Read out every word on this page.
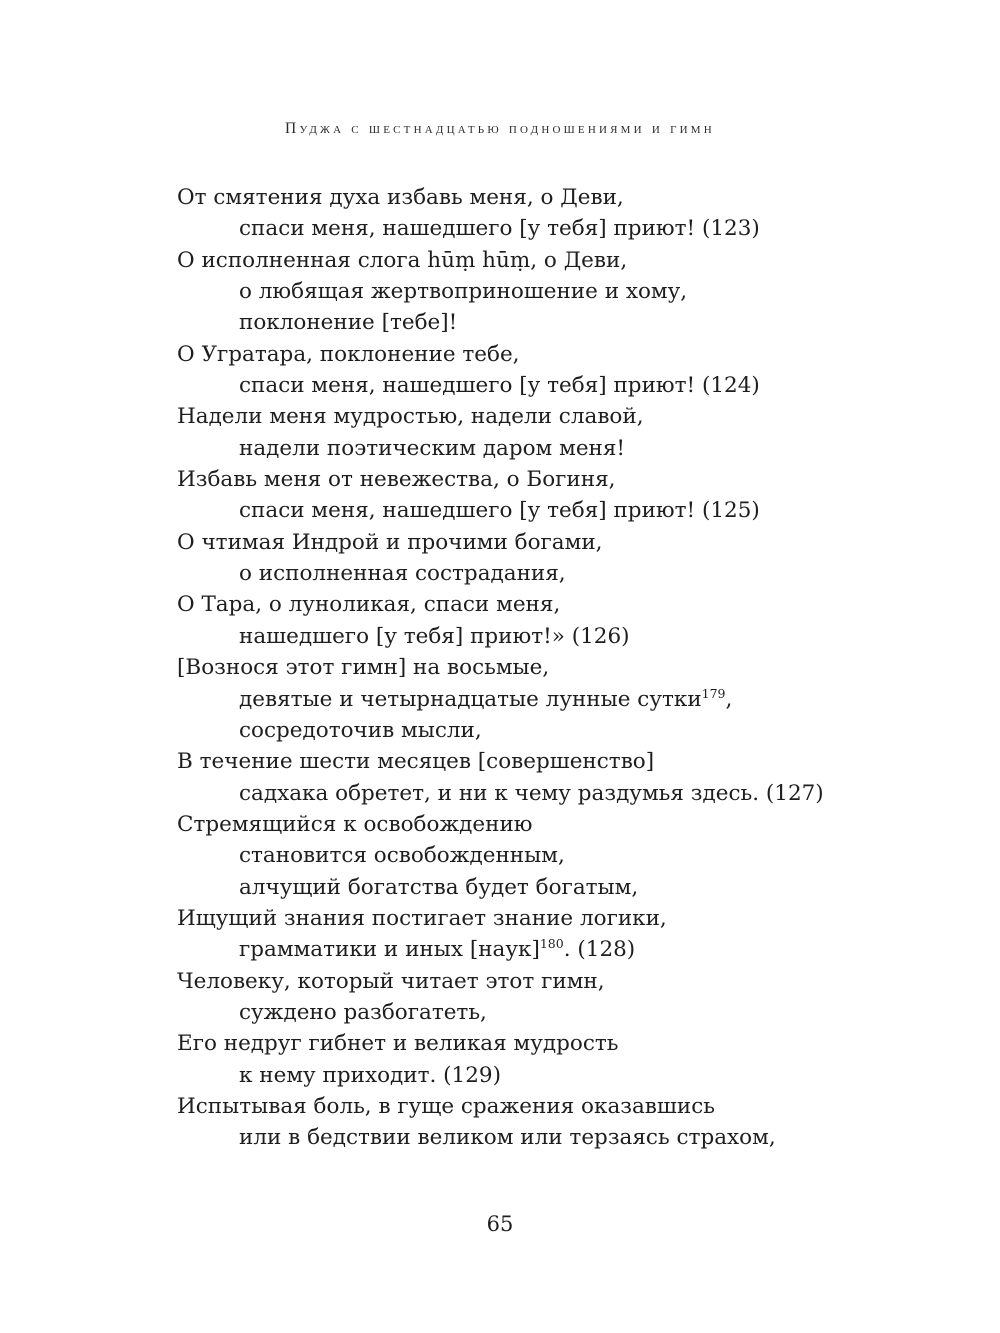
Пуджа с шестнадцатью подношениями и гимн
От смятения духа избавь меня, о Деви,
спаси меня, нашедшего [у тебя] приют! (123)
О исполненная слога hūṃ hūṃ, о Деви,
о любящая жертвоприношение и хому,
поклонение [тебе]!
О Угратара, поклонение тебе,
спаси меня, нашедшего [у тебя] приют! (124)
Надели меня мудростью, надели славой,
надели поэтическим даром меня!
Избавь меня от невежества, о Богиня,
спаси меня, нашедшего [у тебя] приют! (125)
О чтимая Индрой и прочими богами,
о исполненная сострадания,
О Тара, о луноликая, спаси меня,
нашедшего [у тебя] приют!» (126)
[Вознося этот гимн] на восьмые,
девятые и четырнадцатые лунные сутки$^{179}$,
сосредоточив мысли,
В течение шести месяцев [совершенство]
садхака обретет, и ни к чему раздумья здесь. (127)
Стремящийся к освобождению
становится освобожденным,
алчущий богатства будет богатым,
Ищущий знания постигает знание логики,
грамматики и иных [наук]$^{180}$. (128)
Человеку, который читает этот гимн,
суждено разбогатеть,
Его недруг гибнет и великая мудрость
к нему приходит. (129)
Испытывая боль, в гуще сражения оказавшись
или в бедствии великом или терзаясь страхом,
65
